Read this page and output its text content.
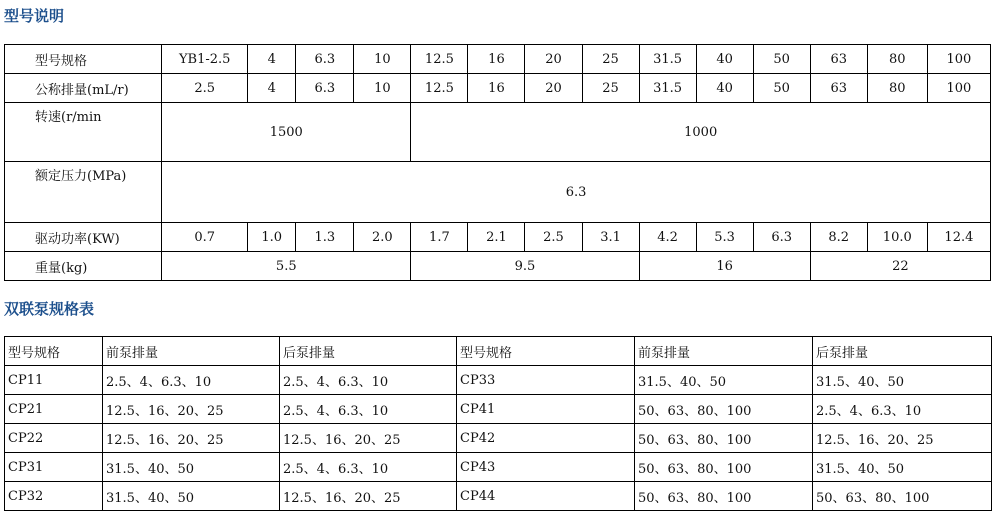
型号说明
型号规格	YB1-2.5	4	6.3	10	12.5	16	20	25	31.5	40	50	63	80	100
公称排量(mL/r)	2.5	4	6.3	10	12.5	16	20	25	31.5	40	50	63	80	100
转速(r/min	1500				1000									
额定压力(MPa)	6.3													
驱动功率(KW)	0.7	1.0	1.3	2.0	1.7	2.1	2.5	3.1	4.2	5.3	6.3	8.2	10.0	12.4
重量(kg)	5.5				9.5				16			22		
双联泵规格表
型号规格	前泵排量	后泵排量	型号规格	前泵排量	后泵排量
CP11	2.5、4、6.3、10	2.5、4、6.3、10	CP33	31.5、40、50	31.5、40、50
CP21	12.5、16、20、25	2.5、4、6.3、10	CP41	50、63、80、100	2.5、4、6.3、10
CP22	12.5、16、20、25	12.5、16、20、25	CP42	50、63、80、100	12.5、16、20、25
CP31	31.5、40、50	2.5、4、6.3、10	CP43	50、63、80、100	31.5、40、50
CP32	31.5、40、50	12.5、16、20、25	CP44	50、63、80、100	50、63、80、100
